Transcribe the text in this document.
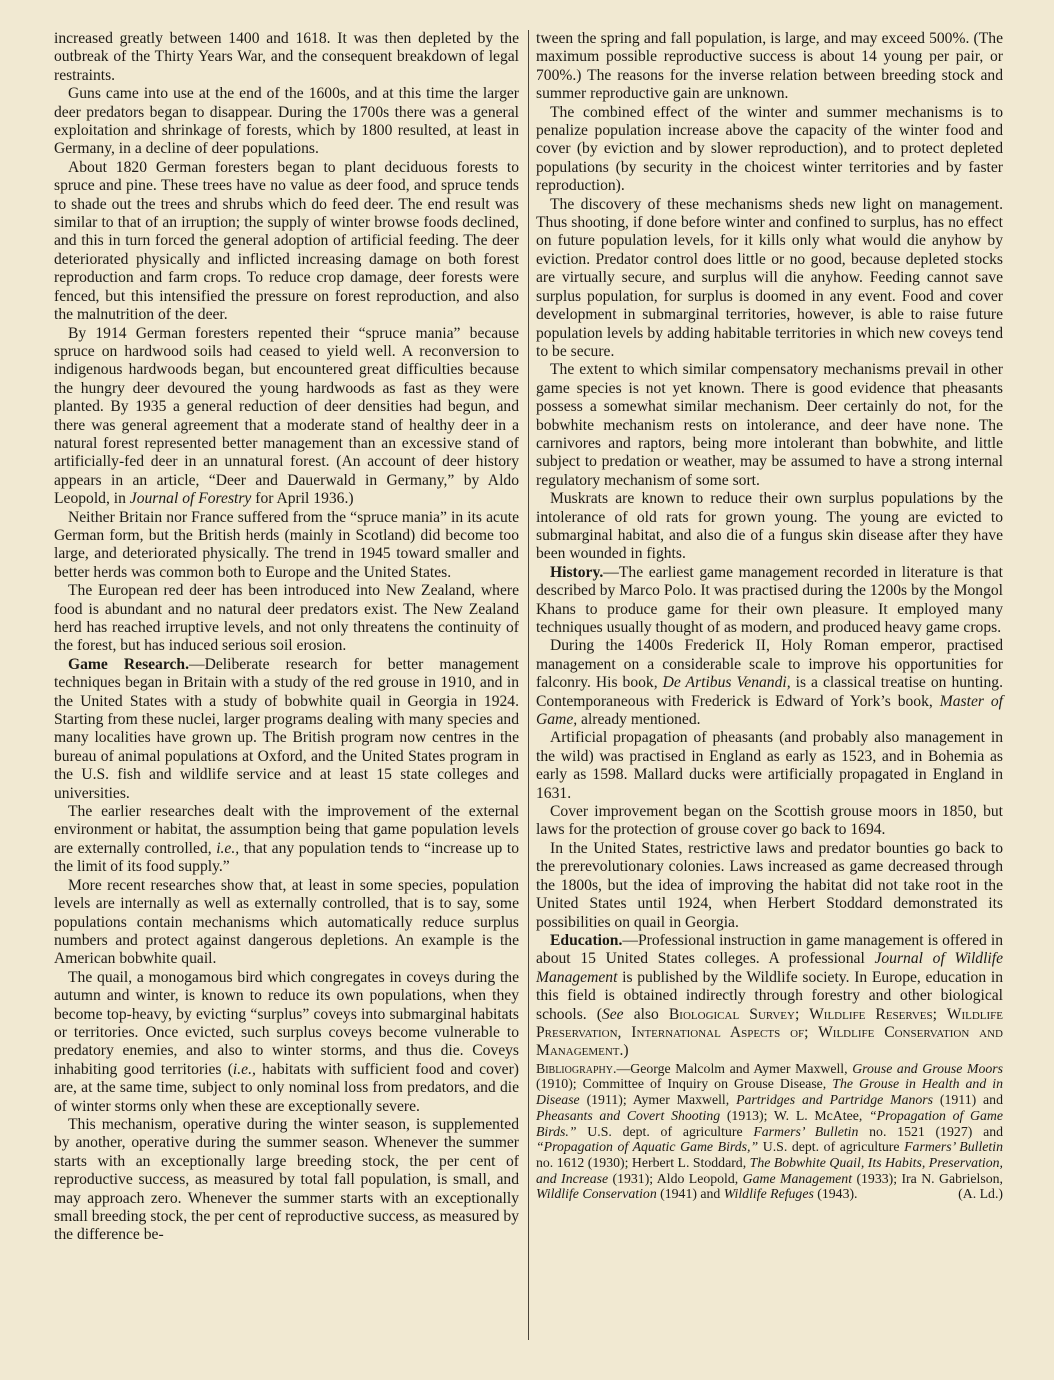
increased greatly between 1400 and 1618. It was then depleted by the outbreak of the Thirty Years War, and the consequent breakdown of legal restraints.

Guns came into use at the end of the 1600s, and at this time the larger deer predators began to disappear. During the 1700s there was a general exploitation and shrinkage of forests, which by 1800 resulted, at least in Germany, in a decline of deer populations.

About 1820 German foresters began to plant deciduous forests to spruce and pine. These trees have no value as deer food, and spruce tends to shade out the trees and shrubs which do feed deer. The end result was similar to that of an irruption; the supply of winter browse foods declined, and this in turn forced the general adoption of artificial feeding. The deer deteriorated physically and inflicted increasing damage on both forest reproduction and farm crops. To reduce crop damage, deer forests were fenced, but this intensified the pressure on forest reproduction, and also the malnutrition of the deer.

By 1914 German foresters repented their “spruce mania” because spruce on hardwood soils had ceased to yield well. A reconversion to indigenous hardwoods began, but encountered great difficulties because the hungry deer devoured the young hardwoods as fast as they were planted. By 1935 a general reduction of deer densities had begun, and there was general agreement that a moderate stand of healthy deer in a natural forest represented better management than an excessive stand of artificially-fed deer in an unnatural forest. (An account of deer history appears in an article, “Deer and Dauerwald in Germany,” by Aldo Leopold, in Journal of Forestry for April 1936.)

Neither Britain nor France suffered from the “spruce mania” in its acute German form, but the British herds (mainly in Scotland) did become too large, and deteriorated physically. The trend in 1945 toward smaller and better herds was common both to Europe and the United States.

The European red deer has been introduced into New Zealand, where food is abundant and no natural deer predators exist. The New Zealand herd has reached irruptive levels, and not only threatens the continuity of the forest, but has induced serious soil erosion.

Game Research.—Deliberate research for better management techniques began in Britain with a study of the red grouse in 1910, and in the United States with a study of bobwhite quail in Georgia in 1924. Starting from these nuclei, larger programs dealing with many species and many localities have grown up. The British program now centres in the bureau of animal populations at Oxford, and the United States program in the U.S. fish and wildlife service and at least 15 state colleges and universities.

The earlier researches dealt with the improvement of the external environment or habitat, the assumption being that game population levels are externally controlled, i.e., that any population tends to “increase up to the limit of its food supply.”

More recent researches show that, at least in some species, population levels are internally as well as externally controlled, that is to say, some populations contain mechanisms which automatically reduce surplus numbers and protect against dangerous depletions. An example is the American bobwhite quail.

The quail, a monogamous bird which congregates in coveys during the autumn and winter, is known to reduce its own populations, when they become top-heavy, by evicting “surplus” coveys into submarginal habitats or territories. Once evicted, such surplus coveys become vulnerable to predatory enemies, and also to winter storms, and thus die. Coveys inhabiting good territories (i.e., habitats with sufficient food and cover) are, at the same time, subject to only nominal loss from predators, and die of winter storms only when these are exceptionally severe.

This mechanism, operative during the winter season, is supplemented by another, operative during the summer season. Whenever the summer starts with an exceptionally large breeding stock, the per cent of reproductive success, as measured by total fall population, is small, and may approach zero. Whenever the summer starts with an exceptionally small breeding stock, the per cent of reproductive success, as measured by the difference be-

tween the spring and fall population, is large, and may exceed 500%. (The maximum possible reproductive success is about 14 young per pair, or 700%.) The reasons for the inverse relation between breeding stock and summer reproductive gain are unknown.

The combined effect of the winter and summer mechanisms is to penalize population increase above the capacity of the winter food and cover (by eviction and by slower reproduction), and to protect depleted populations (by security in the choicest winter territories and by faster reproduction).

The discovery of these mechanisms sheds new light on management. Thus shooting, if done before winter and confined to surplus, has no effect on future population levels, for it kills only what would die anyhow by eviction. Predator control does little or no good, because depleted stocks are virtually secure, and surplus will die anyhow. Feeding cannot save surplus population, for surplus is doomed in any event. Food and cover development in submarginal territories, however, is able to raise future population levels by adding habitable territories in which new coveys tend to be secure.

The extent to which similar compensatory mechanisms prevail in other game species is not yet known. There is good evidence that pheasants possess a somewhat similar mechanism. Deer certainly do not, for the bobwhite mechanism rests on intolerance, and deer have none. The carnivores and raptors, being more intolerant than bobwhite, and little subject to predation or weather, may be assumed to have a strong internal regulatory mechanism of some sort.

Muskrats are known to reduce their own surplus populations by the intolerance of old rats for grown young. The young are evicted to submarginal habitat, and also die of a fungus skin disease after they have been wounded in fights.

History.—The earliest game management recorded in literature is that described by Marco Polo. It was practised during the 1200s by the Mongol Khans to produce game for their own pleasure. It employed many techniques usually thought of as modern, and produced heavy game crops.

During the 1400s Frederick II, Holy Roman emperor, practised management on a considerable scale to improve his opportunities for falconry. His book, De Artibus Venandi, is a classical treatise on hunting. Contemporaneous with Frederick is Edward of York’s book, Master of Game, already mentioned.

Artificial propagation of pheasants (and probably also management in the wild) was practised in England as early as 1523, and in Bohemia as early as 1598. Mallard ducks were artificially propagated in England in 1631.

Cover improvement began on the Scottish grouse moors in 1850, but laws for the protection of grouse cover go back to 1694.

In the United States, restrictive laws and predator bounties go back to the prerevolutionary colonies. Laws increased as game decreased through the 1800s, but the idea of improving the habitat did not take root in the United States until 1924, when Herbert Stoddard demonstrated its possibilities on quail in Georgia.

Education.—Professional instruction in game management is offered in about 15 United States colleges. A professional Journal of Wildlife Management is published by the Wildlife society. In Europe, education in this field is obtained indirectly through forestry and other biological schools. (See also Biological Survey; Wildlife Reserves; Wildlife Preservation, International Aspects of; Wildlife Conservation and Management.)

Bibliography.—George Malcolm and Aymer Maxwell, Grouse and Grouse Moors (1910); Committee of Inquiry on Grouse Disease, The Grouse in Health and in Disease (1911); Aymer Maxwell, Partridges and Partridge Manors (1911) and Pheasants and Covert Shooting (1913); W. L. McAtee, “Propagation of Game Birds.” U.S. dept. of agriculture Farmers’ Bulletin no. 1521 (1927) and “Propagation of Aquatic Game Birds,” U.S. dept. of agriculture Farmers’ Bulletin no. 1612 (1930); Herbert L. Stoddard, The Bobwhite Quail, Its Habits, Preservation, and Increase (1931); Aldo Leopold, Game Management (1933); Ira N. Gabrielson, Wildlife Conservation (1941) and Wildlife Refuges (1943).	(A. Ld.)
